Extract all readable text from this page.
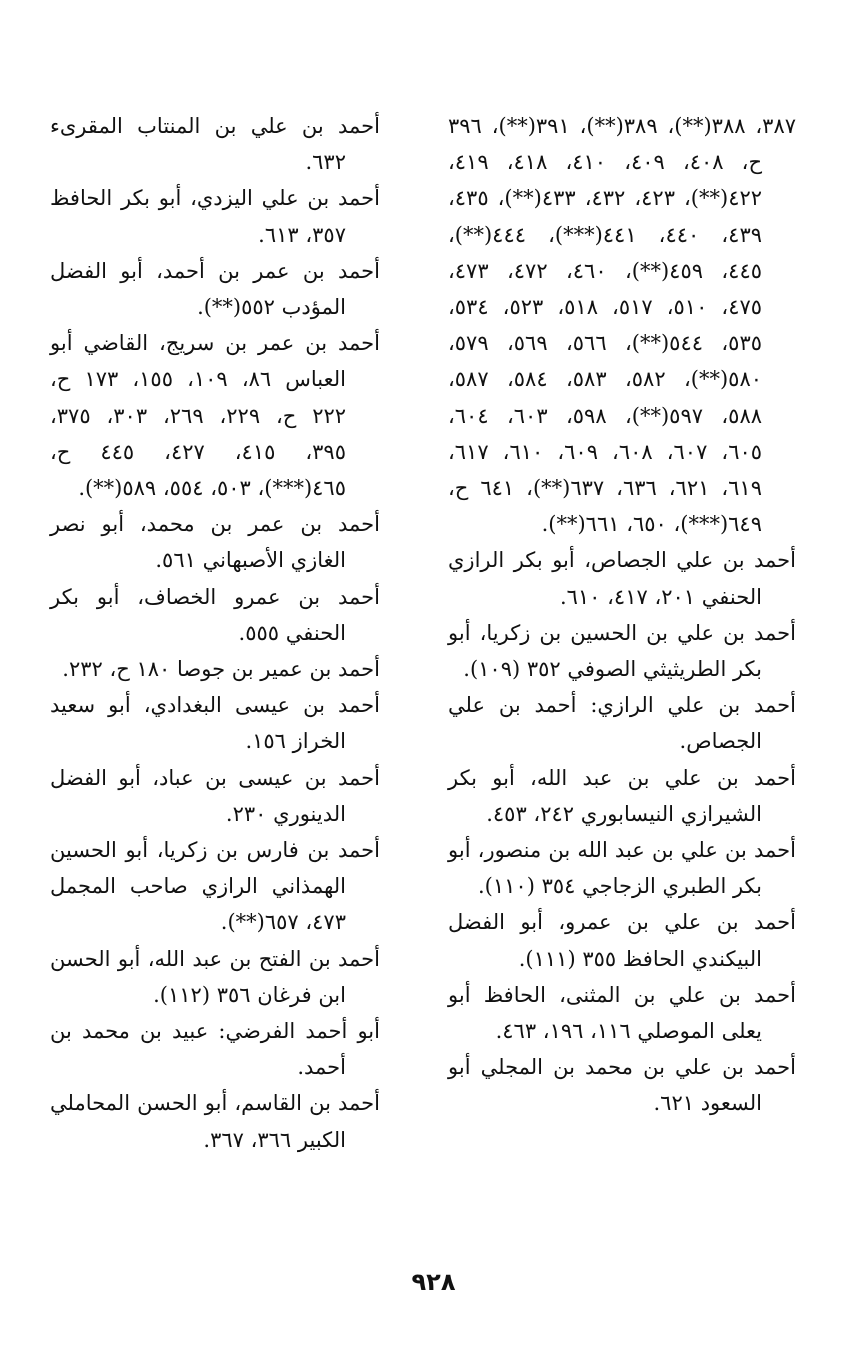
٣٨٧، ٣٨٨(**)، ٣٨٩(**)، ٣٩١(**)، ٣٩٦ ح، ٤٠٨، ٤٠٩، ٤١٠، ٤١٨، ٤١٩، ٤٢٢(**)، ٤٢٣، ٤٣٢، ٤٣٣(**)، ٤٣٥، ٤٣٩، ٤٤٠، ٤٤١(***)، ٤٤٤(**)، ٤٤٥، ٤٥٩(**)، ٤٦٠، ٤٧٢، ٤٧٣، ٤٧٥، ٥١٠، ٥١٧، ٥١٨، ٥٢٣، ٥٣٤، ٥٣٥، ٥٤٤(**)، ٥٦٦، ٥٦٩، ٥٧٩، ٥٨٠(**)، ٥٨٢، ٥٨٣، ٥٨٤، ٥٨٧، ٥٨٨، ٥٩٧(**)، ٥٩٨، ٦٠٣، ٦٠٤، ٦٠٥، ٦٠٧، ٦٠٨، ٦٠٩، ٦١٠، ٦١٧، ٦١٩، ٦٢١، ٦٣٦، ٦٣٧(**)، ٦٤١ ح، ٦٤٩(***)، ٦٥٠، ٦٦١(**).

أحمد بن علي الجصاص، أبو بكر الرازي الحنفي ٢٠١، ٤١٧، ٦١٠.

أحمد بن علي بن الحسين بن زكريا، أبو بكر الطريثيثي الصوفي ٣٥٢ (١٠٩).

أحمد بن علي الرازي: أحمد بن علي الجصاص.

أحمد بن علي بن عبد الله، أبو بكر الشيرازي النيسابوري ٢٤٢، ٤٥٣.

أحمد بن علي بن عبد الله بن منصور، أبو بكر الطبري الزجاجي ٣٥٤ (١١٠).

أحمد بن علي بن عمرو، أبو الفضل البيكندي الحافظ ٣٥٥ (١١١).

أحمد بن علي بن المثنى، الحافظ أبو يعلى الموصلي ١١٦، ١٩٦، ٤٦٣.

أحمد بن علي بن محمد بن المجلي أبو السعود ٦٢١.

أحمد بن علي بن المنتاب المقرىء ٦٣٢.

أحمد بن علي اليزدي، أبو بكر الحافظ ٣٥٧، ٦١٣.

أحمد بن عمر بن أحمد، أبو الفضل المؤدب ٥٥٢(**).

أحمد بن عمر بن سريج، القاضي أبو العباس ٨٦، ١٠٩، ١٥٥، ١٧٣ ح، ٢٢٢ ح، ٢٢٩، ٢٦٩، ٣٠٣، ٣٧٥، ٣٩٥، ٤١٥، ٤٢٧، ٤٤٥ ح، ٤٦٥(***)، ٥٠٣، ٥٥٤، ٥٨٩(**).

أحمد بن عمر بن محمد، أبو نصر الغازي الأصبهاني ٥٦١.

أحمد بن عمرو الخصاف، أبو بكر الحنفي ٥٥٥.

أحمد بن عمير بن جوصا ١٨٠ ح، ٢٣٢.

أحمد بن عيسى البغدادي، أبو سعيد الخراز ١٥٦.

أحمد بن عيسى بن عباد، أبو الفضل الدينوري ٢٣٠.

أحمد بن فارس بن زكريا، أبو الحسين الهمذاني الرازي صاحب المجمل ٤٧٣، ٦٥٧(**).

أحمد بن الفتح بن عبد الله، أبو الحسن ابن فرغان ٣٥٦ (١١٢).

أبو أحمد الفرضي: عبيد بن محمد بن أحمد.

أحمد بن القاسم، أبو الحسن المحاملي الكبير ٣٦٦، ٣٦٧.

٩٢٨
